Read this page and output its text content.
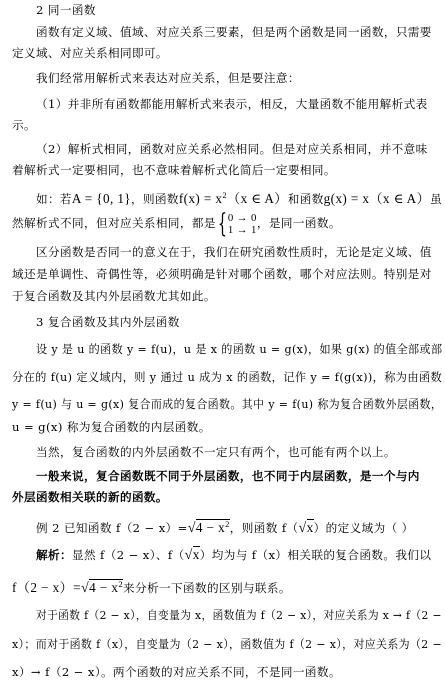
2 同一函数

函数有定义域、值域、对应关系三要素，但是两个函数是同一函数，只需要

定义域、对应关系相同即可。

我们经常用解析式来表达对应关系，但是要注意：

（1）并非所有函数都能用解析式来表示，相反，大量函数不能用解析式表

示。

（2）解析式相同，函数对应关系必然相同。但是对应关系相同，并不意味

着解析式一定要相同，也不意味着解析式化简后一定要相同。

如：若A = {0, 1}，则函数$f(x) = x^2(x$ ∈ A）和函数g(x) = x（x ∈ A）虽

然解析式不同，但对应关系相同，都是{0 → 0
1 → 1，是同一函数。

区分函数是否同一的意义在于，我们在研究函数性质时，无论是定义域、值

域还是单调性、奇偶性等，必须明确是针对哪个函数，哪个对应法则。特别是对

于复合函数及其内外层函数尤其如此。

3 复合函数及其内外层函数

设 y 是 u 的函数 y = f(u)，u 是 x 的函数 u = g(x)，如果 g(x) 的值全部或部

分在的 f(u) 定义域内，则 y 通过 u 成为 x 的函数，记作 y = f(g(x))，称为由函数

y = f(u) 与 u = g(x) 复合而成的复合函数。其中 y = f(u) 称为复合函数外层函数，

u = g(x) 称为复合函数的内层函数。

当然，复合函数的内外层函数不一定只有两个，也可能有两个以上。

一般来说，复合函数既不同于外层函数，也不同于内层函数，是一个与内

外层函数相关联的新的函数。

例 2 已知函数 $f(2 - x)=√4 - x^2$，则函数 f（√x）的定义域为（ ）

解析：显然 f（2 − x）、f（√x）均为与 f（x）相关联的复合函数。我们以

$f(2 - x)=√4 - x^2$来分析一下函数的区别与联系。

对于函数 f（2 − x），自变量为 x，函数值为 f（2 − x），对应关系为 x → f（2 −

x）；而对于函数 f（x），自变量为（2 − x），函数值为 f（2 − x），对应关系为（2 −

x）→ f（2 − x）。两个函数的对应关系不同，不是同一函数。
